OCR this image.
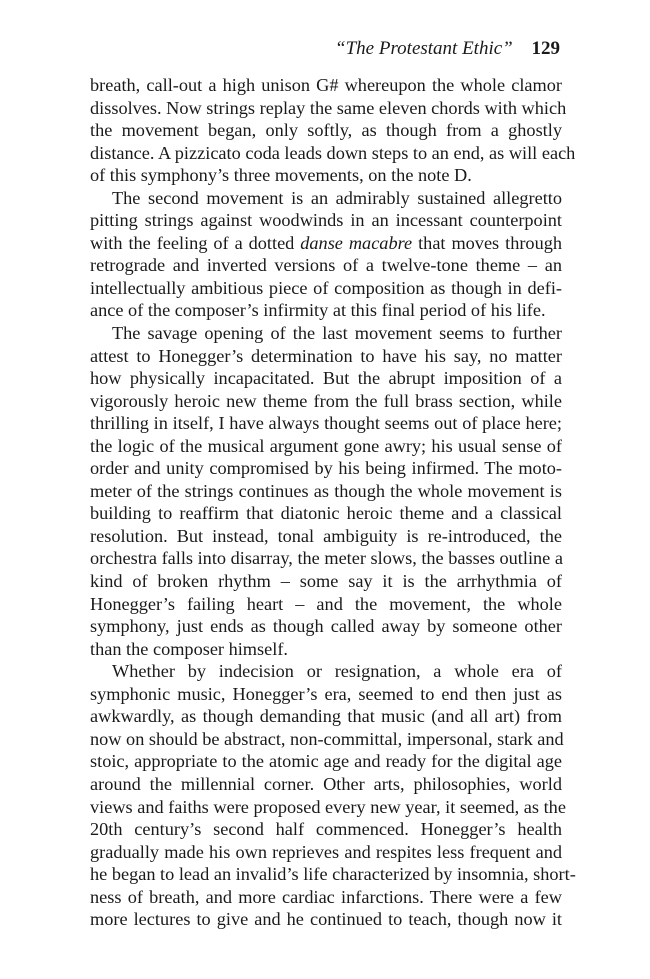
“The Protestant Ethic” 129
breath, call-out a high unison G# whereupon the whole clamor
dissolves. Now strings replay the same eleven chords with which
the movement began, only softly, as though from a ghostly
distance. A pizzicato coda leads down steps to an end, as will each
of this symphony’s three movements, on the note D.
The second movement is an admirably sustained allegretto
pitting strings against woodwinds in an incessant counterpoint
with the feeling of a dotted danse macabre that moves through
retrograde and inverted versions of a twelve-tone theme – an
intellectually ambitious piece of composition as though in defi-
ance of the composer’s infirmity at this final period of his life.
The savage opening of the last movement seems to further
attest to Honegger’s determination to have his say, no matter
how physically incapacitated. But the abrupt imposition of a
vigorously heroic new theme from the full brass section, while
thrilling in itself, I have always thought seems out of place here;
the logic of the musical argument gone awry; his usual sense of
order and unity compromised by his being infirmed. The moto-
meter of the strings continues as though the whole movement is
building to reaffirm that diatonic heroic theme and a classical
resolution. But instead, tonal ambiguity is re-introduced, the
orchestra falls into disarray, the meter slows, the basses outline a
kind of broken rhythm – some say it is the arrhythmia of
Honegger’s failing heart – and the movement, the whole
symphony, just ends as though called away by someone other
than the composer himself.
Whether by indecision or resignation, a whole era of
symphonic music, Honegger’s era, seemed to end then just as
awkwardly, as though demanding that music (and all art) from
now on should be abstract, non-committal, impersonal, stark and
stoic, appropriate to the atomic age and ready for the digital age
around the millennial corner. Other arts, philosophies, world
views and faiths were proposed every new year, it seemed, as the
20th century’s second half commenced. Honegger’s health
gradually made his own reprieves and respites less frequent and
he began to lead an invalid’s life characterized by insomnia, short-
ness of breath, and more cardiac infarctions. There were a few
more lectures to give and he continued to teach, though now it
